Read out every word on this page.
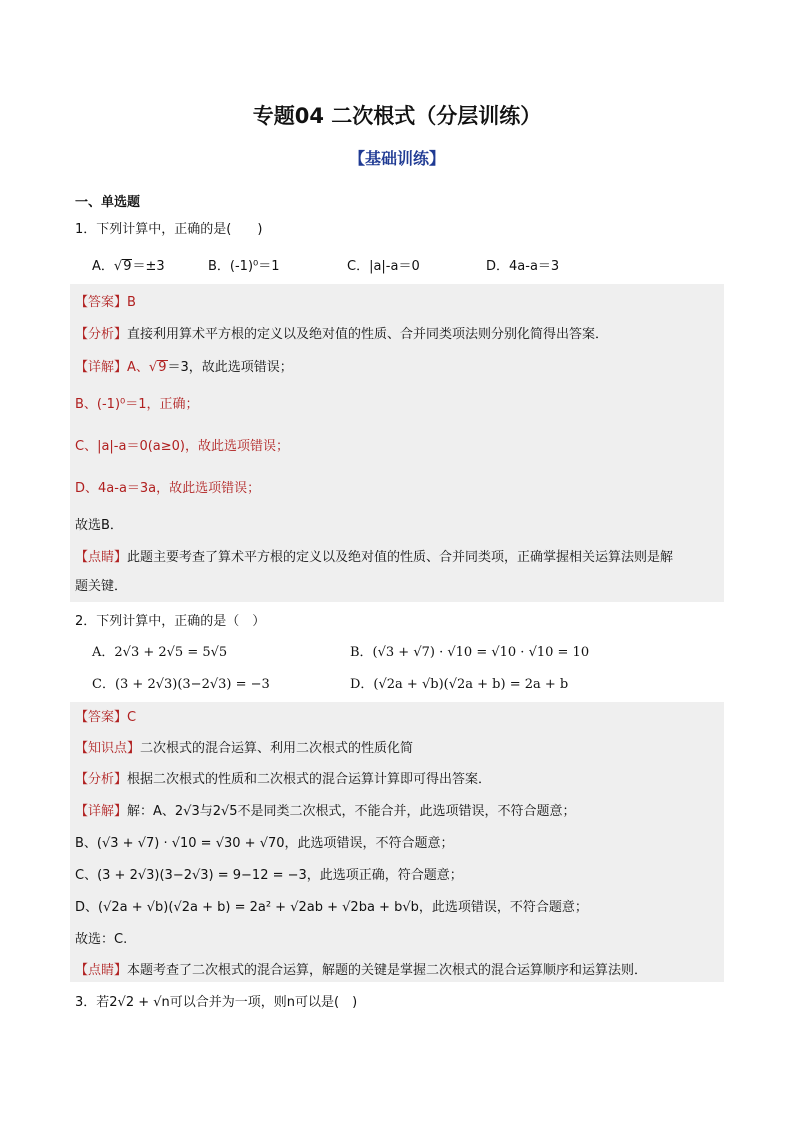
专题04 二次根式（分层训练）
【基础训练】
一、单选题
1．下列计算中，正确的是(　　)
A．√9＝±3	B．(-1)⁰＝1	C．|a|-a＝0	D．4a-a＝3
【答案】B
【分析】直接利用算术平方根的定义以及绝对值的性质、合并同类项法则分别化简得出答案．
【详解】A、√9＝3，故此选项错误；
B、(-1)⁰＝1，正确；
C、|a|-a＝0(a≥0)，故此选项错误；
D、4a-a＝3a，故此选项错误；
故选B．
【点睛】此题主要考查了算术平方根的定义以及绝对值的性质、合并同类项，正确掌握相关运算法则是解
题关键．
2．下列计算中，正确的是（　）
A．2√3 + 2√5 = 5√5	B．(√3 + √7) · √10 = √10 · √10 = 10
C．(3 + 2√3)(3−2√3) = −3	D．(√2a + √b)(√2a + b) = 2a + b
【答案】C
【知识点】二次根式的混合运算、利用二次根式的性质化简
【分析】根据二次根式的性质和二次根式的混合运算计算即可得出答案．
【详解】解：A、2√3与2√5不是同类二次根式，不能合并，此选项错误，不符合题意；
B、(√3 + √7) · √10 = √30 + √70，此选项错误，不符合题意；
C、(3 + 2√3)(3−2√3) = 9−12 = −3，此选项正确，符合题意；
D、(√2a + √b)(√2a + b) = 2a² + √2ab + √2ba + b√b，此选项错误，不符合题意；
故选：C.
【点睛】本题考查了二次根式的混合运算，解题的关键是掌握二次根式的混合运算顺序和运算法则．
3．若2√2 + √n可以合并为一项，则n可以是(　)
